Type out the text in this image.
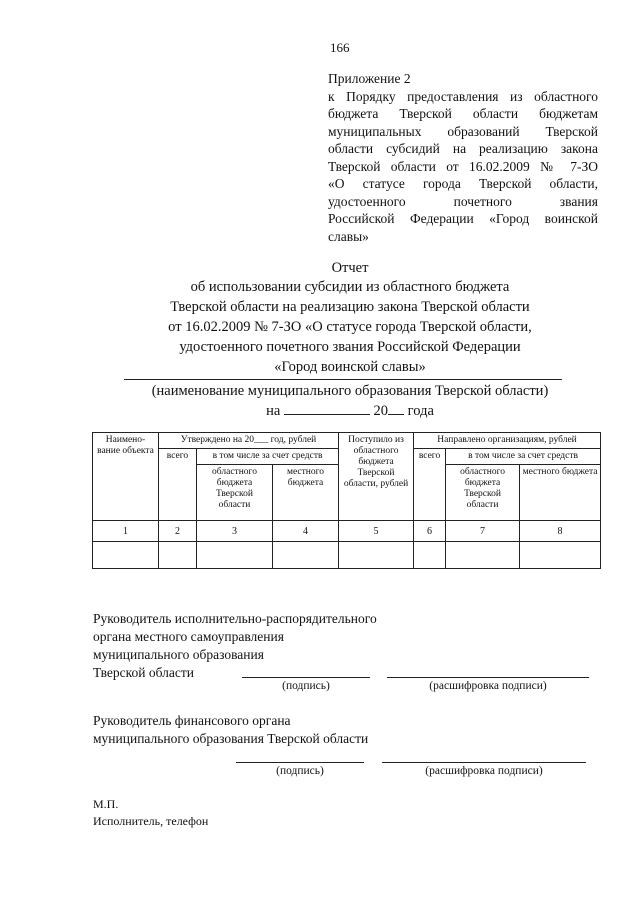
166
Приложение 2
к Порядку предоставления из областного
бюджета Тверской области бюджетам
муниципальных образований Тверской
области субсидий на реализацию закона
Тверской области от 16.02.2009 № 7-ЗО
«О статусе города Тверской области,
удостоенного почетного звания
Российской Федерации «Город воинской
славы»
Отчет
об использовании субсидии из областного бюджета
Тверской области на реализацию закона Тверской области
от 16.02.2009 № 7-ЗО «О статусе города Тверской области,
удостоенного почетного звания Российской Федерации
«Город воинской славы»
(наименование муниципального образования Тверской области)
на	20 года
Наимено-вание объекта	Утверждено на 20___ год, рублей			Поступило из областного бюджета Тверской области, рублей	Направлено организациям, рублей		
	всего	в том числе за счет средств			всего	в том числе за счет средств	
		областного бюджета Тверской области	местного бюджета			областного бюджета Тверской области	местного бюджета
1	2	3	4	5	6	7	8

Руководитель исполнительно-распорядительного
органа местного самоуправления
муниципального образования
Тверской области
(подпись)	(расшифровка подписи)
Руководитель финансового органа
муниципального образования Тверской области
(подпись)	(расшифровка подписи)
М.П.
Исполнитель, телефон
